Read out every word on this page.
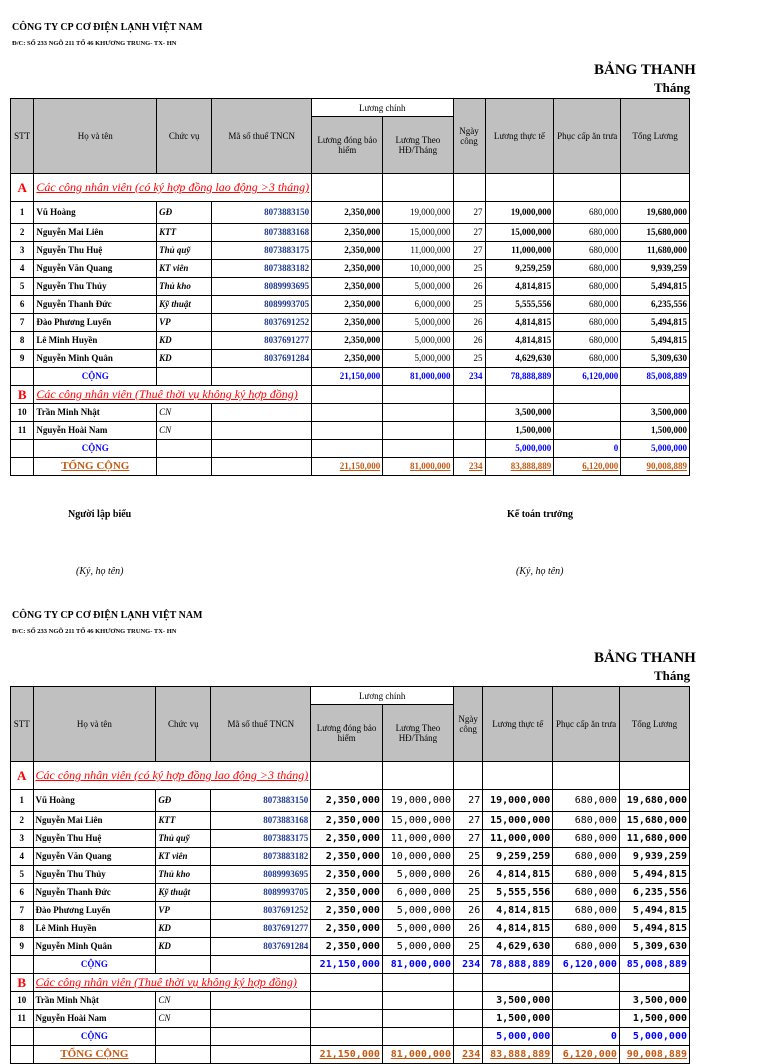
CÔNG TY CP CƠ ĐIỆN LẠNH VIỆT NAM
Đ/C: SỐ 233 NGÕ 211 TỔ 46 KHƯƠNG TRUNG- TX- HN
BẢNG THANH
Tháng
STT	Họ và tên	Chức vụ	Mã số thuế TNCN	Lương chính		Ngày công	Lương thực tế	Phục cấp ăn trưa	Tổng Lương
				Lương đóng bảo hiểm	Lương Theo HĐ/Tháng				
A	Các công nhân viên (có ký hợp đồng lao động >3 tháng)								
1	Vũ Hoàng	GĐ	8073883150	2,350,000	19,000,000	27	19,000,000	680,000	19,680,000
2	Nguyễn Mai Liên	KTT	8073883168	2,350,000	15,000,000	27	15,000,000	680,000	15,680,000
3	Nguyễn Thu Huệ	Thủ quỹ	8073883175	2,350,000	11,000,000	27	11,000,000	680,000	11,680,000
4	Nguyễn Văn Quang	KT viên	8073883182	2,350,000	10,000,000	25	9,259,259	680,000	9,939,259
5	Nguyễn Thu Thủy	Thủ kho	8089993695	2,350,000	5,000,000	26	4,814,815	680,000	5,494,815
6	Nguyễn Thanh Đức	Kỹ thuật	8089993705	2,350,000	6,000,000	25	5,555,556	680,000	6,235,556
7	Đào Phương Luyến	VP	8037691252	2,350,000	5,000,000	26	4,814,815	680,000	5,494,815
8	Lê Minh Huyền	KD	8037691277	2,350,000	5,000,000	26	4,814,815	680,000	5,494,815
9	Nguyễn Minh Quân	KD	8037691284	2,350,000	5,000,000	25	4,629,630	680,000	5,309,630
	CỘNG			21,150,000	81,000,000	234	78,888,889	6,120,000	85,008,889
B	Các công nhân viên (Thuê thời vụ không ký hợp đồng)								
10	Trần Minh Nhật	CN					3,500,000		3,500,000
11	Nguyễn Hoài Nam	CN					1,500,000		1,500,000
	CỘNG						5,000,000	0	5,000,000
	TỔNG CỘNG			21,150,000	81,000,000	234	83,888,889	6,120,000	90,008,889
Người lập biểu	Kế toán trưởng
(Ký, họ tên)	(Ký, họ tên)
CÔNG TY CP CƠ ĐIỆN LẠNH VIỆT NAM
Đ/C: SỐ 233 NGÕ 211 TỔ 46 KHƯƠNG TRUNG- TX- HN
BẢNG THANH
Tháng
STT	Họ và tên	Chức vụ	Mã số thuế TNCN	Lương chính		Ngày công	Lương thực tế	Phục cấp ăn trưa	Tổng Lương
				Lương đóng bảo hiểm	Lương Theo HĐ/Tháng				
A	Các công nhân viên (có ký hợp đồng lao động >3 tháng)								
1	Vũ Hoàng	GĐ	8073883150	2,350,000	19,000,000	27	19,000,000	680,000	19,680,000
2	Nguyễn Mai Liên	KTT	8073883168	2,350,000	15,000,000	27	15,000,000	680,000	15,680,000
3	Nguyễn Thu Huệ	Thủ quỹ	8073883175	2,350,000	11,000,000	27	11,000,000	680,000	11,680,000
4	Nguyễn Văn Quang	KT viên	8073883182	2,350,000	10,000,000	25	9,259,259	680,000	9,939,259
5	Nguyễn Thu Thủy	Thủ kho	8089993695	2,350,000	5,000,000	26	4,814,815	680,000	5,494,815
6	Nguyễn Thanh Đức	Kỹ thuật	8089993705	2,350,000	6,000,000	25	5,555,556	680,000	6,235,556
7	Đào Phương Luyến	VP	8037691252	2,350,000	5,000,000	26	4,814,815	680,000	5,494,815
8	Lê Minh Huyền	KD	8037691277	2,350,000	5,000,000	26	4,814,815	680,000	5,494,815
9	Nguyễn Minh Quân	KD	8037691284	2,350,000	5,000,000	25	4,629,630	680,000	5,309,630
	CỘNG			21,150,000	81,000,000	234	78,888,889	6,120,000	85,008,889
B	Các công nhân viên (Thuê thời vụ không ký hợp đồng)								
10	Trần Minh Nhật	CN					3,500,000		3,500,000
11	Nguyễn Hoài Nam	CN					1,500,000		1,500,000
	CỘNG						5,000,000	0	5,000,000
	TỔNG CỘNG			21,150,000	81,000,000	234	83,888,889	6,120,000	90,008,889
